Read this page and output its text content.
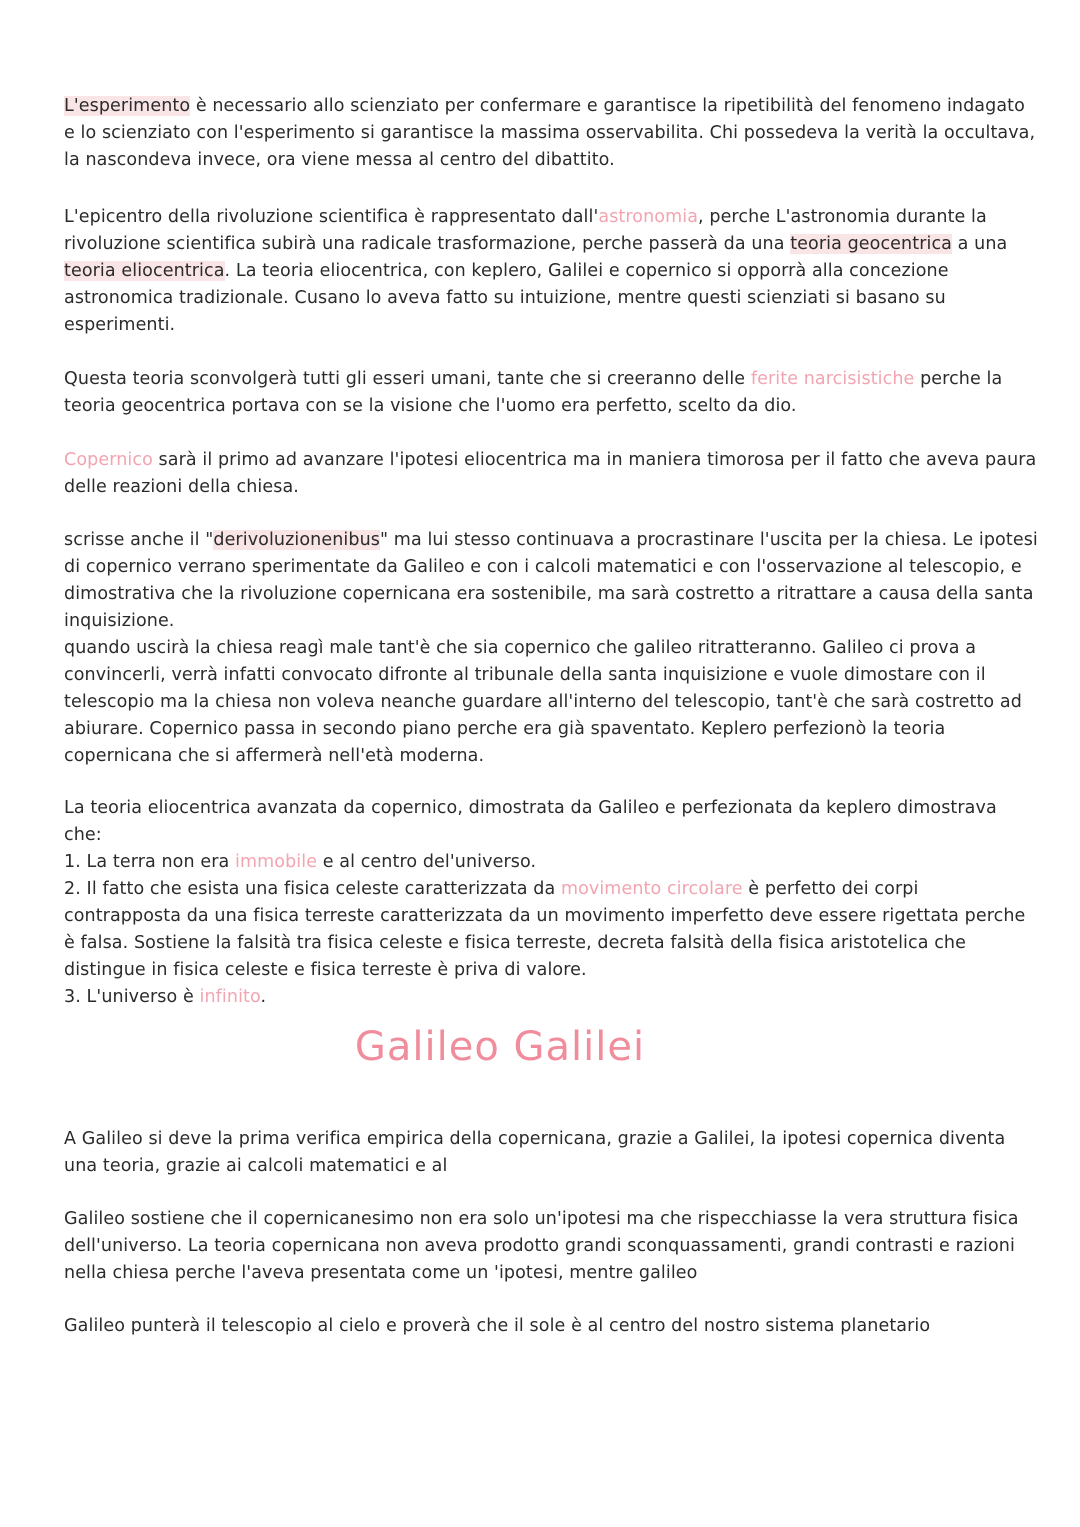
L'esperimento è necessario allo scienziato per confermare e garantisce la ripetibilità del fenomeno indagato e lo scienziato con l'esperimento si garantisce la massima osservabilita. Chi possedeva la verità la occultava, la nascondeva invece, ora viene messa al centro del dibattito.
L'epicentro della rivoluzione scientifica è rappresentato dall'astronomia, perche L'astronomia durante la rivoluzione scientifica subirà una radicale trasformazione, perche passerà da una teoria geocentrica a una teoria eliocentrica. La teoria eliocentrica, con keplero, Galilei e copernico si opporrà alla concezione astronomica tradizionale. Cusano lo aveva fatto su intuizione, mentre questi scienziati si basano su esperimenti.
Questa teoria sconvolgerà tutti gli esseri umani, tante che si creeranno delle ferite narcisistiche perche la teoria geocentrica portava con se la visione che l'uomo era perfetto, scelto da dio.
Copernico sarà il primo ad avanzare l'ipotesi eliocentrica ma in maniera timorosa per il fatto che aveva paura delle reazioni della chiesa.
scrisse anche il "derivoluzionenibus" ma lui stesso continuava a procrastinare l'uscita per la chiesa. Le ipotesi di copernico verrano sperimentate da Galileo e con i calcoli matematici e con l'osservazione al telescopio, e dimostrativa che la rivoluzione copernicana era sostenibile, ma sarà costretto a ritrattare a causa della santa inquisizione.
quando uscirà la chiesa reagì male tant'è che sia copernico che galileo ritratteranno. Galileo ci prova a convincerli, verrà infatti convocato difronte al tribunale della santa inquisizione e vuole dimostare con il telescopio ma la chiesa non voleva neanche guardare all'interno del telescopio, tant'è che sarà costretto ad abiurare. Copernico passa in secondo piano perche era già spaventato. Keplero perfezionò la teoria copernicana che si affermerà nell'età moderna.
La teoria eliocentrica avanzata da copernico, dimostrata da Galileo e perfezionata da keplero dimostrava che:
1. La terra non era immobile e al centro del'universo.
2. Il fatto che esista una fisica celeste caratterizzata da movimento circolare è perfetto dei corpi contrapposta da una fisica terreste caratterizzata da un movimento imperfetto deve essere rigettata perche è falsa. Sostiene la falsità tra fisica celeste e fisica terreste, decreta falsità della fisica aristotelica che distingue in fisica celeste e fisica terreste è priva di valore.
3. L'universo è infinito.
Galileo Galilei
A Galileo si deve la prima verifica empirica della copernicana, grazie a Galilei, la ipotesi copernica diventa una teoria, grazie ai calcoli matematici e al
Galileo sostiene che il copernicanesimo non era solo un'ipotesi ma che rispecchiasse la vera struttura fisica dell'universo. La teoria copernicana non aveva prodotto grandi sconquassamenti, grandi contrasti e razioni nella chiesa perche l'aveva presentata come un 'ipotesi, mentre galileo
Galileo punterà il telescopio al cielo e proverà che il sole è al centro del nostro sistema planetario
